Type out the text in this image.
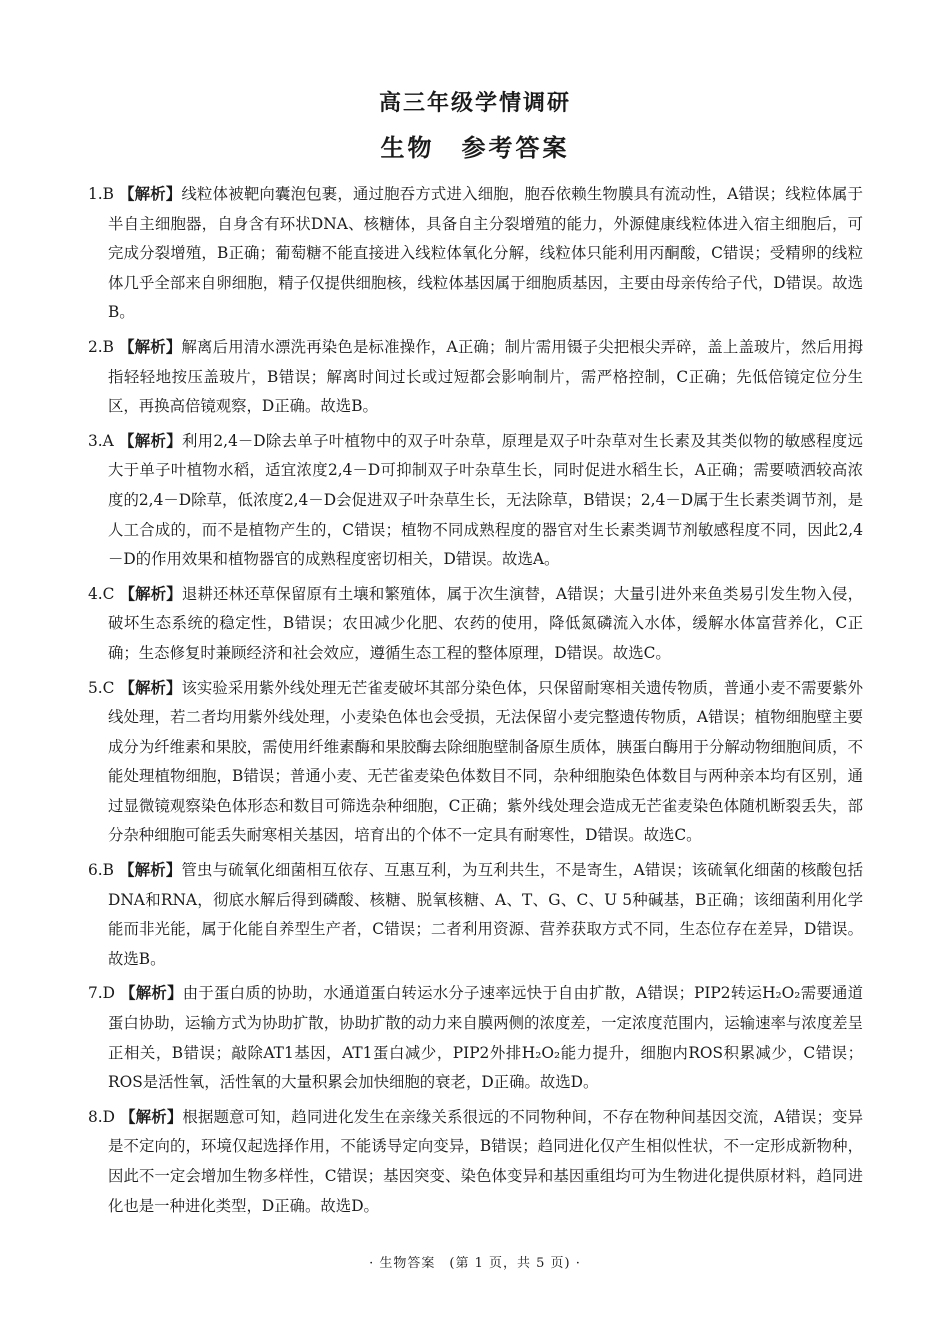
高三年级学情调研
生物　参考答案
1.B 【解析】线粒体被靶向囊泡包裹，通过胞吞方式进入细胞，胞吞依赖生物膜具有流动性，A错误；线粒体属于半自主细胞器，自身含有环状DNA、核糖体，具备自主分裂增殖的能力，外源健康线粒体进入宿主细胞后，可完成分裂增殖，B正确；葡萄糖不能直接进入线粒体氧化分解，线粒体只能利用丙酮酸，C错误；受精卵的线粒体几乎全部来自卵细胞，精子仅提供细胞核，线粒体基因属于细胞质基因，主要由母亲传给子代，D错误。故选B。
2.B 【解析】解离后用清水漂洗再染色是标准操作，A正确；制片需用镊子尖把根尖弄碎，盖上盖玻片，然后用拇指轻轻地按压盖玻片，B错误；解离时间过长或过短都会影响制片，需严格控制，C正确；先低倍镜定位分生区，再换高倍镜观察，D正确。故选B。
3.A 【解析】利用2,4－D除去单子叶植物中的双子叶杂草，原理是双子叶杂草对生长素及其类似物的敏感程度远大于单子叶植物水稻，适宜浓度2,4－D可抑制双子叶杂草生长，同时促进水稻生长，A正确；需要喷洒较高浓度的2,4－D除草，低浓度2,4－D会促进双子叶杂草生长，无法除草，B错误；2,4－D属于生长素类调节剂，是人工合成的，而不是植物产生的，C错误；植物不同成熟程度的器官对生长素类调节剂敏感程度不同，因此2,4－D的作用效果和植物器官的成熟程度密切相关，D错误。故选A。
4.C 【解析】退耕还林还草保留原有土壤和繁殖体，属于次生演替，A错误；大量引进外来鱼类易引发生物入侵，破坏生态系统的稳定性，B错误；农田减少化肥、农药的使用，降低氮磷流入水体，缓解水体富营养化，C正确；生态修复时兼顾经济和社会效应，遵循生态工程的整体原理，D错误。故选C。
5.C 【解析】该实验采用紫外线处理无芒雀麦破坏其部分染色体，只保留耐寒相关遗传物质，普通小麦不需要紫外线处理，若二者均用紫外线处理，小麦染色体也会受损，无法保留小麦完整遗传物质，A错误；植物细胞壁主要成分为纤维素和果胶，需使用纤维素酶和果胶酶去除细胞壁制备原生质体，胰蛋白酶用于分解动物细胞间质，不能处理植物细胞，B错误；普通小麦、无芒雀麦染色体数目不同，杂种细胞染色体数目与两种亲本均有区别，通过显微镜观察染色体形态和数目可筛选杂种细胞，C正确；紫外线处理会造成无芒雀麦染色体随机断裂丢失，部分杂种细胞可能丢失耐寒相关基因，培育出的个体不一定具有耐寒性，D错误。故选C。
6.B 【解析】管虫与硫氧化细菌相互依存、互惠互利，为互利共生，不是寄生，A错误；该硫氧化细菌的核酸包括DNA和RNA，彻底水解后得到磷酸、核糖、脱氧核糖、A、T、G、C、U 5种碱基，B正确；该细菌利用化学能而非光能，属于化能自养型生产者，C错误；二者利用资源、营养获取方式不同，生态位存在差异，D错误。故选B。
7.D 【解析】由于蛋白质的协助，水通道蛋白转运水分子速率远快于自由扩散，A错误；PIP2转运H₂O₂需要通道蛋白协助，运输方式为协助扩散，协助扩散的动力来自膜两侧的浓度差，一定浓度范围内，运输速率与浓度差呈正相关，B错误；敲除AT1基因，AT1蛋白减少，PIP2外排H₂O₂能力提升，细胞内ROS积累减少，C错误；ROS是活性氧，活性氧的大量积累会加快细胞的衰老，D正确。故选D。
8.D 【解析】根据题意可知，趋同进化发生在亲缘关系很远的不同物种间，不存在物种间基因交流，A错误；变异是不定向的，环境仅起选择作用，不能诱导定向变异，B错误；趋同进化仅产生相似性状，不一定形成新物种，因此不一定会增加生物多样性，C错误；基因突变、染色体变异和基因重组均可为生物进化提供原材料，趋同进化也是一种进化类型，D正确。故选D。
· 生物答案　(第 1 页，共 5 页) ·
